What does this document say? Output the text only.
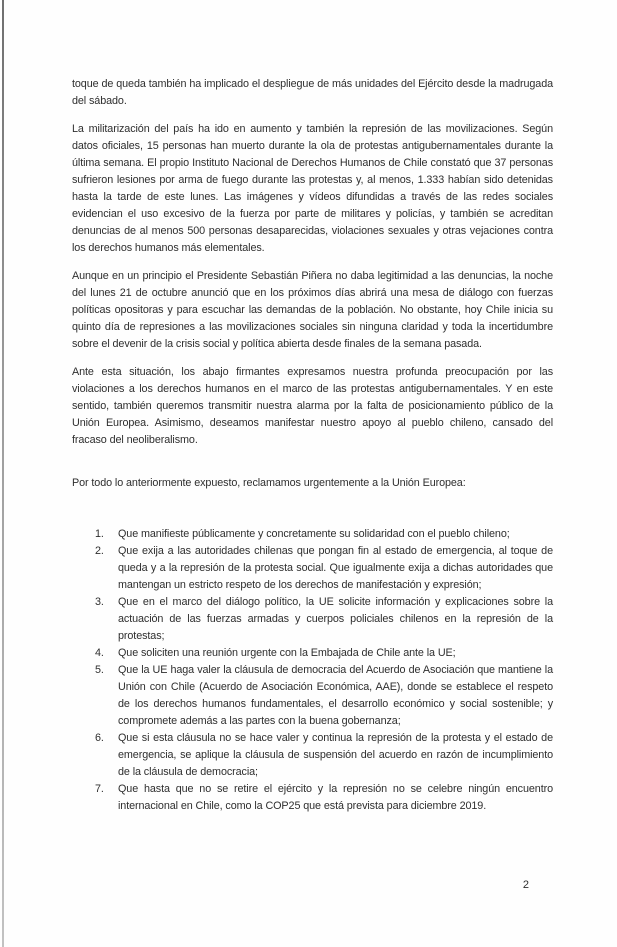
toque de queda también ha implicado el despliegue de más unidades del Ejército desde la madrugada del sábado.

La militarización del país ha ido en aumento y también la represión de las movilizaciones. Según datos oficiales, 15 personas han muerto durante la ola de protestas antigubernamentales durante la última semana. El propio Instituto Nacional de Derechos Humanos de Chile constató que 37 personas sufrieron lesiones por arma de fuego durante las protestas y, al menos, 1.333 habían sido detenidas hasta la tarde de este lunes. Las imágenes y vídeos difundidas a través de las redes sociales evidencian el uso excesivo de la fuerza por parte de militares y policías, y también se acreditan denuncias de al menos 500 personas desaparecidas, violaciones sexuales y otras vejaciones contra los derechos humanos más elementales.

Aunque en un principio el Presidente Sebastián Piñera no daba legitimidad a las denuncias, la noche del lunes 21 de octubre anunció que en los próximos días abrirá una mesa de diálogo con fuerzas políticas opositoras y para escuchar las demandas de la población. No obstante, hoy Chile inicia su quinto día de represiones a las movilizaciones sociales sin ninguna claridad y toda la incertidumbre sobre el devenir de la crisis social y política abierta desde finales de la semana pasada.

Ante esta situación, los abajo firmantes expresamos nuestra profunda preocupación por las violaciones a los derechos humanos en el marco de las protestas antigubernamentales. Y en este sentido, también queremos transmitir nuestra alarma por la falta de posicionamiento público de la Unión Europea. Asimismo, deseamos manifestar nuestro apoyo al pueblo chileno, cansado del fracaso del neoliberalismo.

Por todo lo anteriormente expuesto, reclamamos urgentemente a la Unión Europea:

1.	Que manifieste públicamente y concretamente su solidaridad con el pueblo chileno;
2.	Que exija a las autoridades chilenas que pongan fin al estado de emergencia, al toque de queda y a la represión de la protesta social. Que igualmente exija a dichas autoridades que mantengan un estricto respeto de los derechos de manifestación y expresión;
3.	Que en el marco del diálogo político, la UE solicite información y explicaciones sobre la actuación de las fuerzas armadas y cuerpos policiales chilenos en la represión de la protestas;
4.	Que soliciten una reunión urgente con la Embajada de Chile ante la UE;
5.	Que la UE haga valer la cláusula de democracia del Acuerdo de Asociación que mantiene la Unión con Chile (Acuerdo de Asociación Económica, AAE), donde se establece el respeto de los derechos humanos fundamentales, el desarrollo económico y social sostenible; y compromete además a las partes con la buena gobernanza;
6.	Que si esta cláusula no se hace valer y continua la represión de la protesta y el estado de emergencia, se aplique la cláusula de suspensión del acuerdo en razón de incumplimiento de la cláusula de democracia;
7.	Que hasta que no se retire el ejército y la represión no se celebre ningún encuentro internacional en Chile, como la COP25 que está prevista para diciembre 2019.
2
